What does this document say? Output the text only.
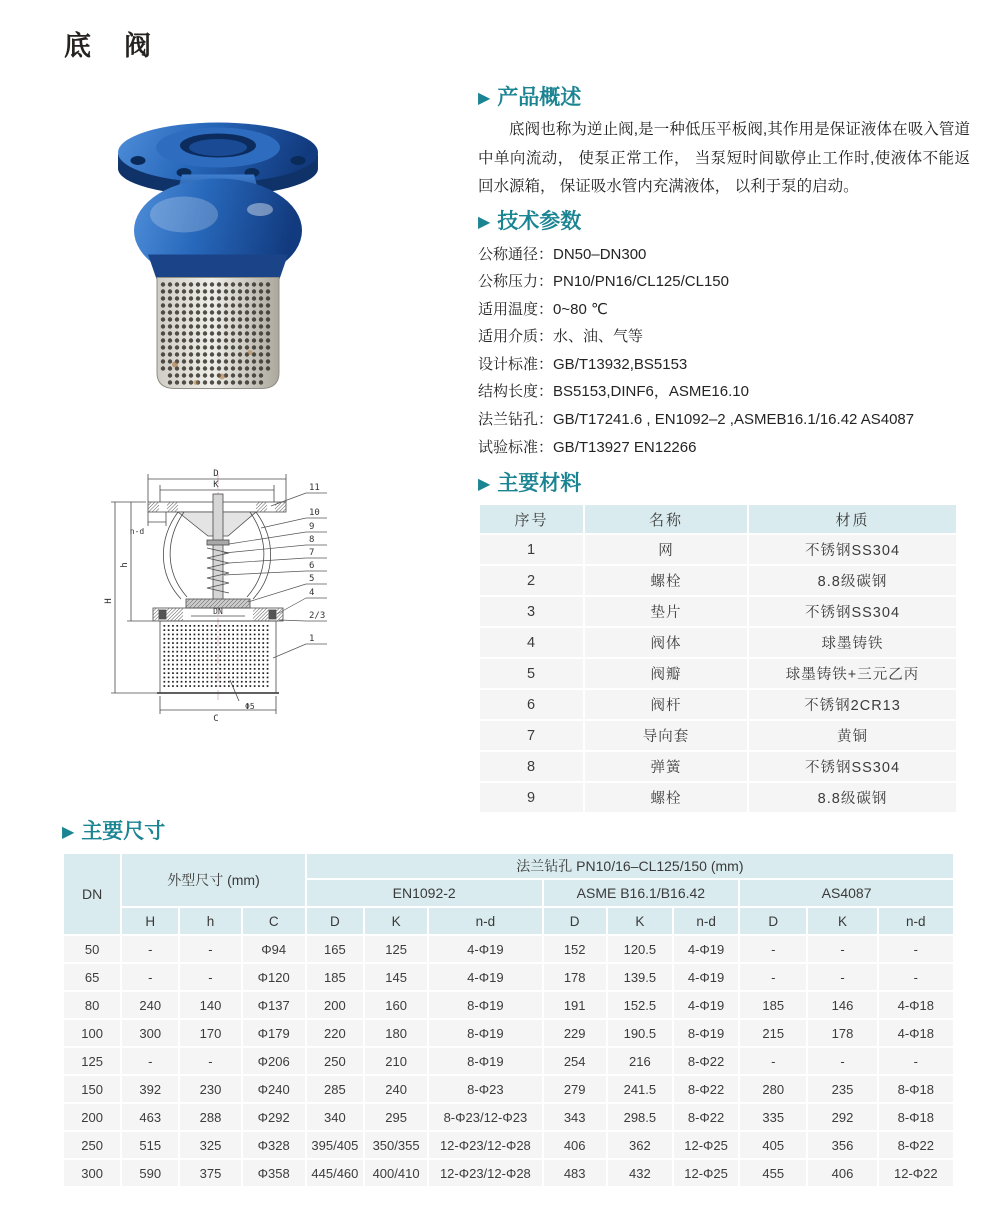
底　阀
11
10
9
8
7
6
5
4
2/3
1
D
K
n-d
H
h
DN
C
Φ5
▶ 产品概述

底阀也称为逆止阀,是一种低压平板阀,其作用是保证液体在吸入管道中单向流动， 使泵正常工作， 当泵短时间歇停止工作时,使液体不能返回水源箱， 保证吸水管内充满液体， 以利于泵的启动。

▶ 技术参数
公称通径：DN50–DN300
公称压力：PN10/PN16/CL125/CL150
适用温度：0~80 ℃
适用介质：水、油、气等
设计标准：GB/T13932,BS5153
结构长度：BS5153,DINF6，ASME16.10
法兰钻孔：GB/T17241.6 , EN1092–2 ,ASMEB16.1/16.42 AS4087
试验标准：GB/T13927 EN12266
▶ 主要材料
序号	名称	材质
1	网	不锈钢SS304
2	螺栓	8.8级碳钢
3	垫片	不锈钢SS304
4	阀体	球墨铸铁
5	阀瓣	球墨铸铁+三元乙丙
6	阀杆	不锈钢2CR13
7	导向套	黄铜
8	弹簧	不锈钢SS304
9	螺栓	8.8级碳钢
▶ 主要尺寸
DN	外型尺寸 (mm)			法兰钻孔 PN10/16–CL125/150 (mm)								
				EN1092-2			ASME B16.1/B16.42			AS4087		
	H	h	C	D	K	n-d	D	K	n-d	D	K	n-d
50	-	-	Φ94	165	125	4-Φ19	152	120.5	4-Φ19	-	-	-
65	-	-	Φ120	185	145	4-Φ19	178	139.5	4-Φ19	-	-	-
80	240	140	Φ137	200	160	8-Φ19	191	152.5	4-Φ19	185	146	4-Φ18
100	300	170	Φ179	220	180	8-Φ19	229	190.5	8-Φ19	215	178	4-Φ18
125	-	-	Φ206	250	210	8-Φ19	254	216	8-Φ22	-	-	-
150	392	230	Φ240	285	240	8-Φ23	279	241.5	8-Φ22	280	235	8-Φ18
200	463	288	Φ292	340	295	8-Φ23/12-Φ23	343	298.5	8-Φ22	335	292	8-Φ18
250	515	325	Φ328	395/405	350/355	12-Φ23/12-Φ28	406	362	12-Φ25	405	356	8-Φ22
300	590	375	Φ358	445/460	400/410	12-Φ23/12-Φ28	483	432	12-Φ25	455	406	12-Φ22
